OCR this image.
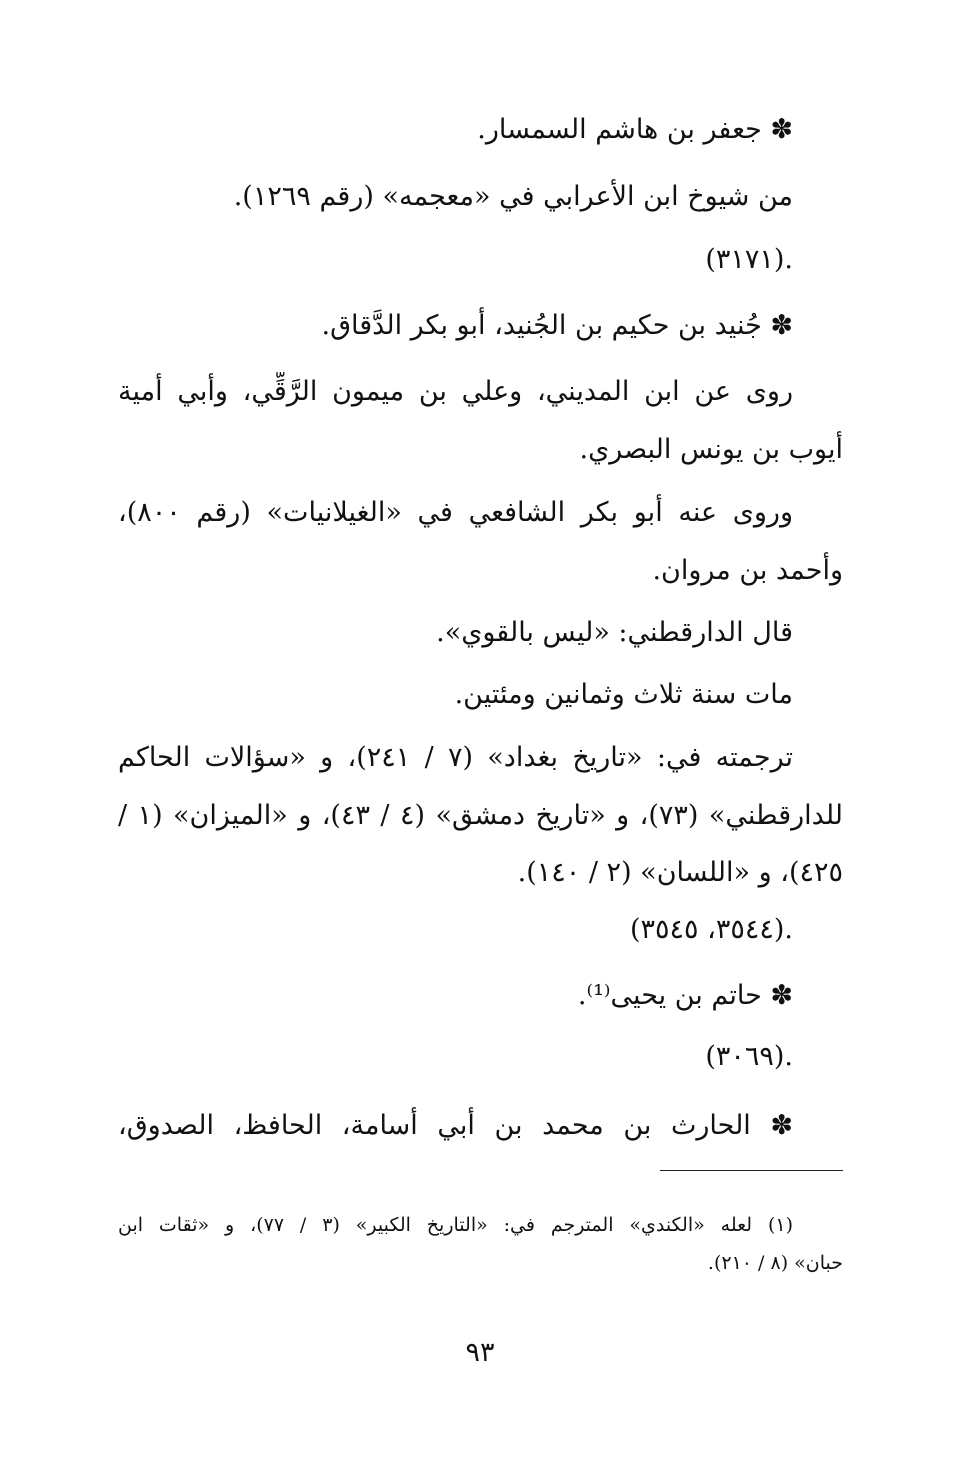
✽ جعفر بن هاشم السمسار.
من شيوخ ابن الأعرابي في «معجمه» (رقم ١٢٦٩).
.(٣١٧١)
✽ جُنيد بن حكيم بن الجُنيد، أبو بكر الدَّقاق.
روى عن ابن المديني، وعلي بن ميمون الرَّقِّي، وأبي أُمية
أيوب بن يونس البصري.
وروى عنه أبو بكر الشافعي في «الغيلانيات» (رقم ٨٠٠)،
وأحمد بن مروان.
قال الدارقطني: «ليس بالقوي».
مات سنة ثلاث وثمانين ومئتين.
ترجمته في: «تاريخ بغداد» (٧ / ٢٤١)، و «سؤالات الحاكم
للدارقطني» (٧٣)، و «تاريخ دمشق» (٤ / ٤٣)، و «الميزان» (١ /
٤٢٥)، و «اللسان» (٢ / ١٤٠).
.(٣٥٤٤، ٣٥٤٥)
✽ حاتم بن يحيى⁽¹⁾.
.(٣٠٦٩)
✽ الحارث بن محمد بن أبي أسامة، الحافظ، الصدوق،
(١) لعله «الكندي» المترجم في: «التاريخ الكبير» (٣ / ٧٧)، و «ثقات ابن
حبان» (٨ / ٢١٠).
٩٣
